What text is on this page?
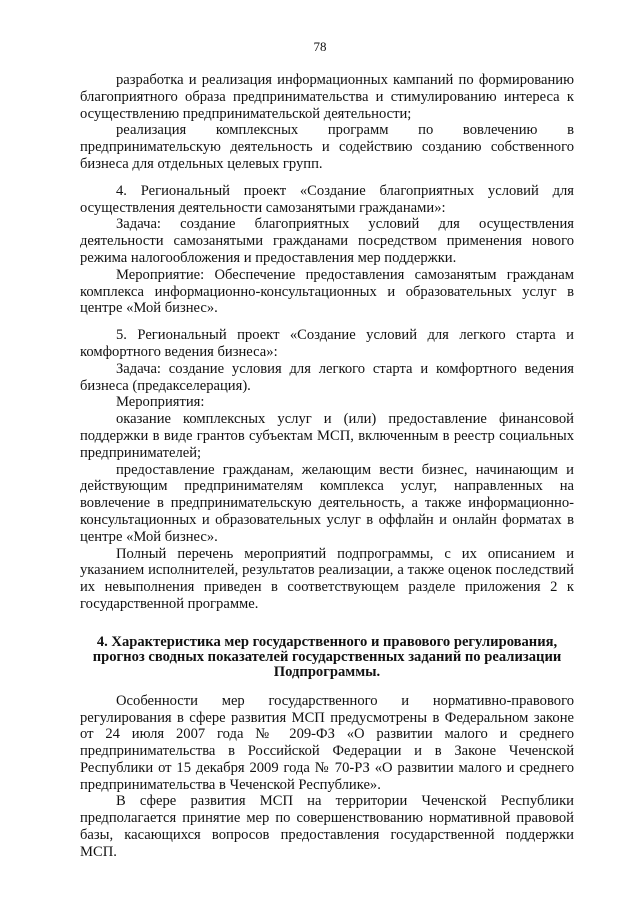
78

разработка и реализация информационных кампаний по формированию благоприятного образа предпринимательства и стимулированию интереса к осуществлению предпринимательской деятельности;

реализация комплексных программ по вовлечению в предпринимательскую деятельность и содействию созданию собственного бизнеса для отдельных целевых групп.

4. Региональный проект «Создание благоприятных условий для осуществления деятельности самозанятыми гражданами»:

Задача: создание благоприятных условий для осуществления деятельности самозанятыми гражданами посредством применения нового режима налогообложения и предоставления мер поддержки.

Мероприятие: Обеспечение предоставления самозанятым гражданам комплекса информационно-консультационных и образовательных услуг в центре «Мой бизнес».

5. Региональный проект «Создание условий для легкого старта и комфортного ведения бизнеса»:

Задача: создание условия для легкого старта и комфортного ведения бизнеса (предакселерация).

Мероприятия:

оказание комплексных услуг и (или) предоставление финансовой поддержки в виде грантов субъектам МСП, включенным в реестр социальных предпринимателей;

предоставление гражданам, желающим вести бизнес, начинающим и действующим предпринимателям комплекса услуг, направленных на вовлечение в предпринимательскую деятельность, а также информационно-консультационных и образовательных услуг в оффлайн и онлайн форматах в центре «Мой бизнес».

Полный перечень мероприятий подпрограммы, с их описанием и указанием исполнителей, результатов реализации, а также оценок последствий их невыполнения приведен в соответствующем разделе приложения 2 к государственной программе.

4. Характеристика мер государственного и правового регулирования, прогноз сводных показателей государственных заданий по реализации Подпрограммы.

Особенности мер государственного и нормативно-правового регулирования в сфере развития МСП предусмотрены в Федеральном законе от 24 июля 2007 года № 209-ФЗ «О развитии малого и среднего предпринимательства в Российской Федерации и в Законе Чеченской Республики от 15 декабря 2009 года № 70-РЗ «О развитии малого и среднего предпринимательства в Чеченской Республике».

В сфере развития МСП на территории Чеченской Республики предполагается принятие мер по совершенствованию нормативной правовой базы, касающихся вопросов предоставления государственной поддержки МСП.
